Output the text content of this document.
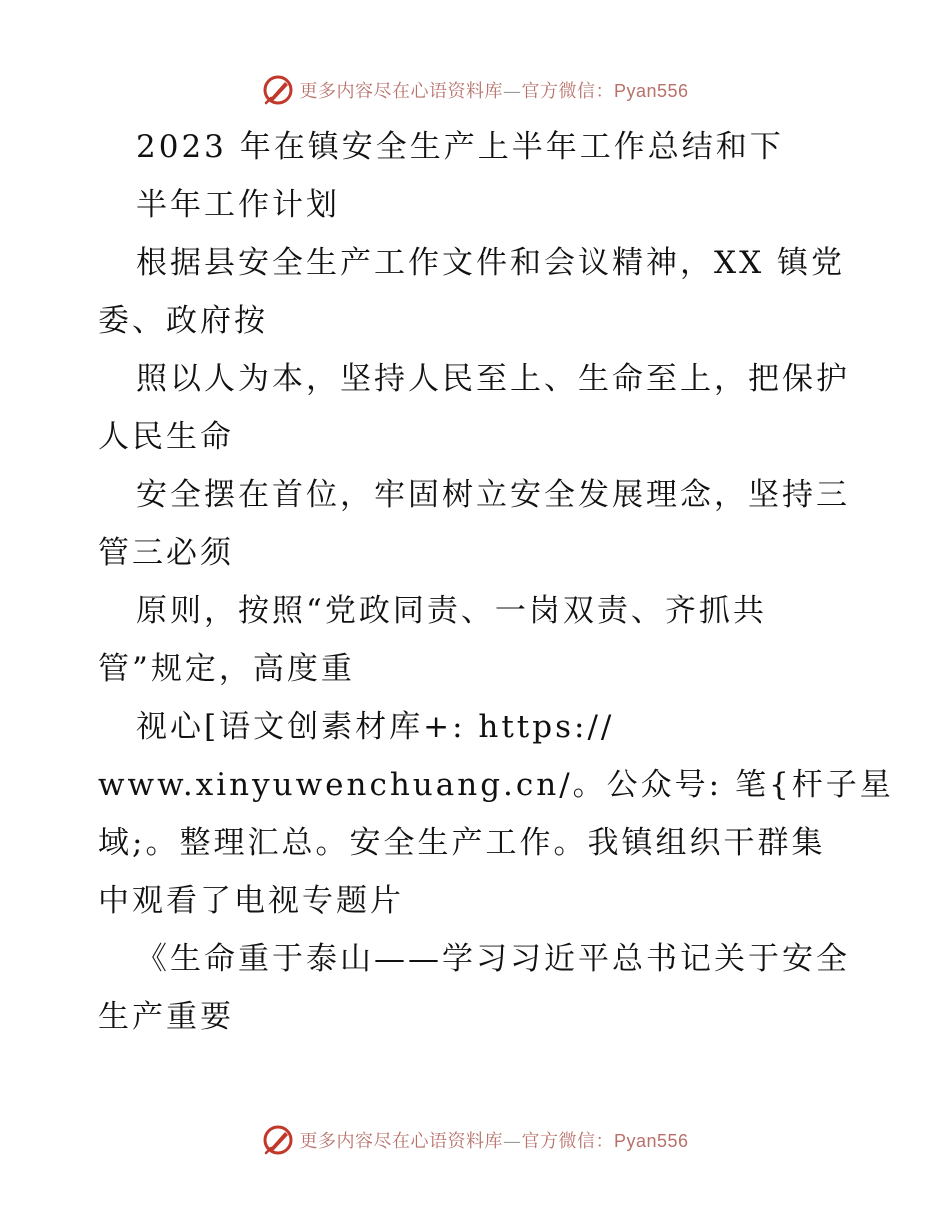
更多内容尽在心语资料库—官方微信：Pyan556
2023 年在镇安全生产上半年工作总结和下
半年工作计划
根据县安全生产工作文件和会议精神，XX 镇党
委、政府按
照以人为本，坚持人民至上、生命至上，把保护
人民生命
安全摆在首位，牢固树立安全发展理念，坚持三
管三必须
原则，按照“党政同责、一岗双责、齐抓共
管”规定，高度重
视心[语文创素材库+: https://
www.xinyuwenchuang.cn/。公众号: 笔{杆子星
域;。整理汇总。安全生产工作。我镇组织干群集
中观看了电视专题片
《生命重于泰山——学习习近平总书记关于安全
生产重要
更多内容尽在心语资料库—官方微信：Pyan556
